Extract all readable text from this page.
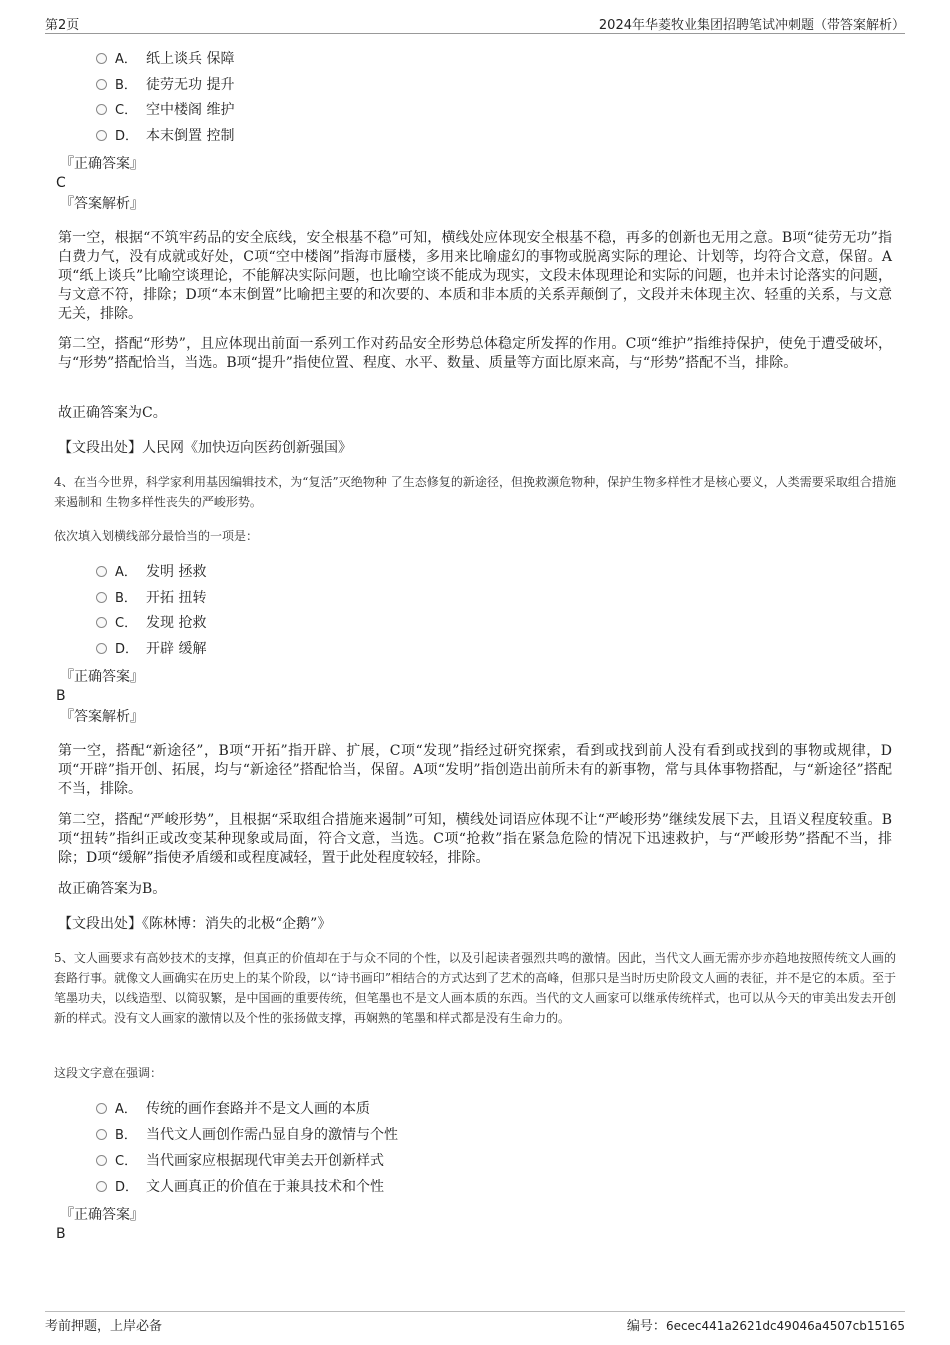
第2页	2024年华菱牧业集团招聘笔试冲刺题（带答案解析）
A． 纸上谈兵 保障
B． 徒劳无功 提升
C． 空中楼阁 维护
D． 本末倒置 控制
『正确答案』
C
『答案解析』
第一空，根据“不筑牢药品的安全底线，安全根基不稳”可知，横线处应体现安全根基不稳，再多的创新也无用之意。B项“徒劳无功”指白费力气，没有成就或好处，C项“空中楼阁”指海市蜃楼，多用来比喻虚幻的事物或脱离实际的理论、计划等，均符合文意，保留。A项“纸上谈兵”比喻空谈理论，不能解决实际问题，也比喻空谈不能成为现实，文段未体现理论和实际的问题，也并未讨论落实的问题，与文意不符，排除；D项“本末倒置”比喻把主要的和次要的、本质和非本质的关系弄颠倒了，文段并未体现主次、轻重的关系，与文意无关，排除。
第二空，搭配“形势”，且应体现出前面一系列工作对药品安全形势总体稳定所发挥的作用。C项“维护”指维持保护，使免于遭受破坏，与“形势”搭配恰当，当选。B项“提升”指使位置、程度、水平、数量、质量等方面比原来高，与“形势”搭配不当，排除。
故正确答案为C。
【文段出处】人民网《加快迈向医药创新强国》
4、在当今世界，科学家利用基因编辑技术，为“复活”灭绝物种 了生态修复的新途径，但挽救濒危物种，保护生物多样性才是核心要义，人类需要采取组合措施来遏制和 生物多样性丧失的严峻形势。
依次填入划横线部分最恰当的一项是：
A． 发明 拯救
B． 开拓 扭转
C． 发现 抢救
D． 开辟 缓解
『正确答案』
B
『答案解析』
第一空，搭配“新途径”，B项“开拓”指开辟、扩展，C项“发现”指经过研究探索，看到或找到前人没有看到或找到的事物或规律，D项“开辟”指开创、拓展，均与“新途径”搭配恰当，保留。A项“发明”指创造出前所未有的新事物，常与具体事物搭配，与“新途径”搭配不当，排除。
第二空，搭配“严峻形势”，且根据“采取组合措施来遏制”可知，横线处词语应体现不让“严峻形势”继续发展下去，且语义程度较重。B项“扭转”指纠正或改变某种现象或局面，符合文意，当选。C项“抢救”指在紧急危险的情况下迅速救护，与“严峻形势”搭配不当，排除；D项“缓解”指使矛盾缓和或程度减轻，置于此处程度较轻，排除。
故正确答案为B。
【文段出处】《陈林博：消失的北极“企鹅”》
5、文人画要求有高妙技术的支撑，但真正的价值却在于与众不同的个性，以及引起读者强烈共鸣的激情。因此，当代文人画无需亦步亦趋地按照传统文人画的套路行事。就像文人画确实在历史上的某个阶段，以“诗书画印”相结合的方式达到了艺术的高峰，但那只是当时历史阶段文人画的表征，并不是它的本质。至于笔墨功夫，以线造型、以简驭繁，是中国画的重要传统，但笔墨也不是文人画本质的东西。当代的文人画家可以继承传统样式，也可以从今天的审美出发去开创新的样式。没有文人画家的激情以及个性的张扬做支撑，再娴熟的笔墨和样式都是没有生命力的。
这段文字意在强调：
A． 传统的画作套路并不是文人画的本质
B． 当代文人画创作需凸显自身的激情与个性
C． 当代画家应根据现代审美去开创新样式
D． 文人画真正的价值在于兼具技术和个性
『正确答案』
B
考前押题，上岸必备	编号：6ecec441a2621dc49046a4507cb15165
